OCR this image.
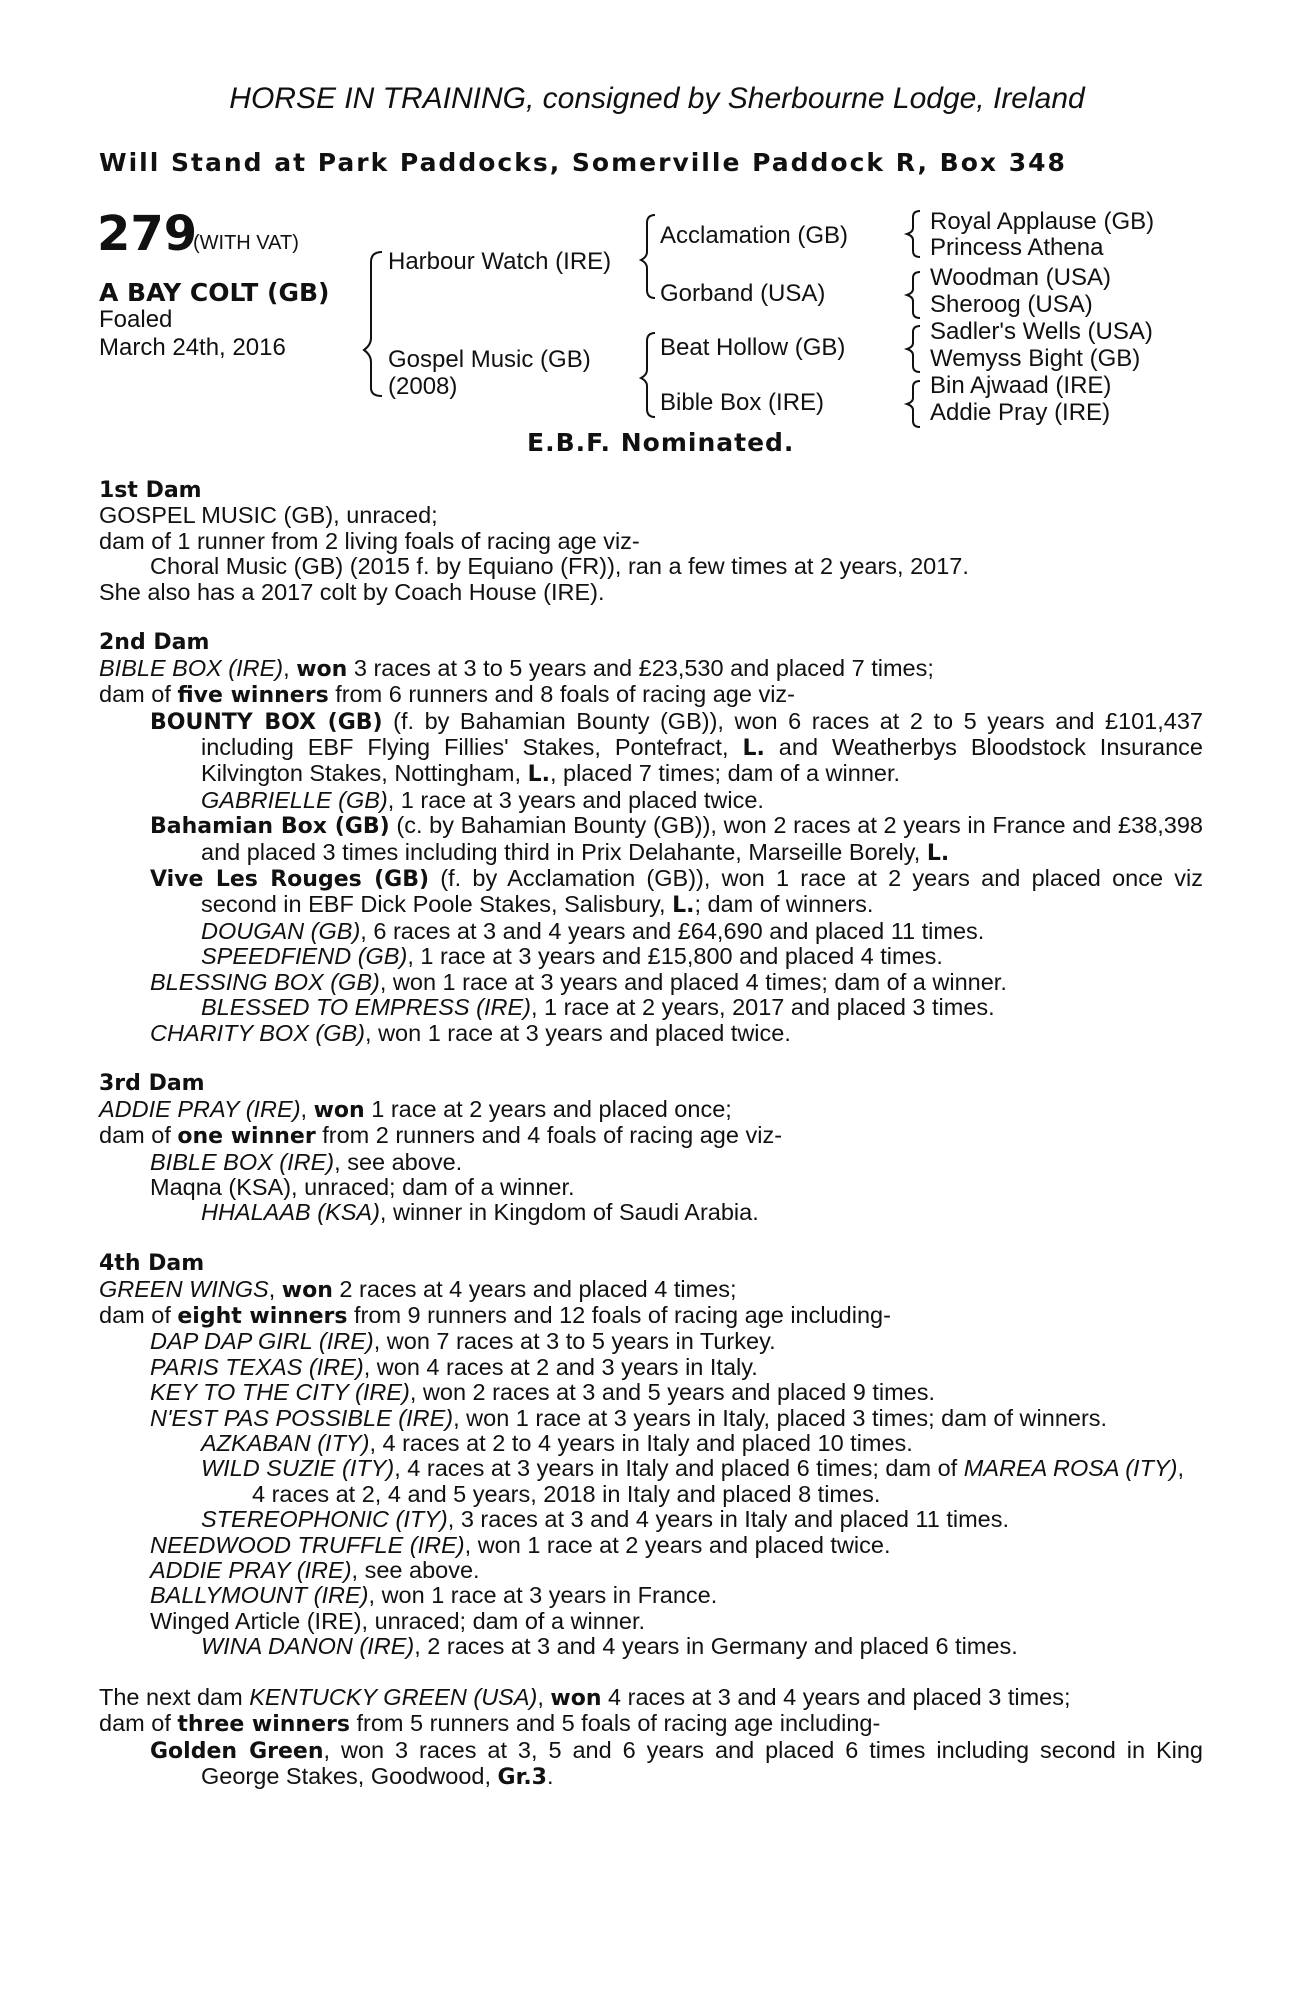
HORSE IN TRAINING, consigned by Sherbourne Lodge, Ireland
Will Stand at Park Paddocks, Somerville Paddock R, Box 348
279
(WITH VAT)
A BAY COLT (GB)
Foaled
March 24th, 2016
Harbour Watch (IRE)
Gospel Music (GB)
(2008)
Acclamation (GB)
Gorband (USA)
Beat Hollow (GB)
Bible Box (IRE)
Royal Applause (GB)
Princess Athena
Woodman (USA)
Sheroog (USA)
Sadler's Wells (USA)
Wemyss Bight (GB)
Bin Ajwaad (IRE)
Addie Pray (IRE)
E.B.F. Nominated.

1st Dam

GOSPEL MUSIC (GB), unraced;

dam of 1 runner from 2 living foals of racing age viz-

Choral Music (GB) (2015 f. by Equiano (FR)), ran a few times at 2 years, 2017.

She also has a 2017 colt by Coach House (IRE).

2nd Dam

BIBLE BOX (IRE), won 3 races at 3 to 5 years and £23,530 and placed 7 times;

dam of five winners from 6 runners and 8 foals of racing age viz-

BOUNTY BOX (GB) (f. by Bahamian Bounty (GB)), won 6 races at 2 to 5 years and £101,437 including EBF Flying Fillies' Stakes, Pontefract, L. and Weatherbys Bloodstock Insurance Kilvington Stakes, Nottingham, L., placed 7 times; dam of a winner.

GABRIELLE (GB), 1 race at 3 years and placed twice.

Bahamian Box (GB) (c. by Bahamian Bounty (GB)), won 2 races at 2 years in France and £38,398 and placed 3 times including third in Prix Delahante, Marseille Borely, L.

Vive Les Rouges (GB) (f. by Acclamation (GB)), won 1 race at 2 years and placed once viz second in EBF Dick Poole Stakes, Salisbury, L.; dam of winners.

DOUGAN (GB), 6 races at 3 and 4 years and £64,690 and placed 11 times.

SPEEDFIEND (GB), 1 race at 3 years and £15,800 and placed 4 times.

BLESSING BOX (GB), won 1 race at 3 years and placed 4 times; dam of a winner.

BLESSED TO EMPRESS (IRE), 1 race at 2 years, 2017 and placed 3 times.

CHARITY BOX (GB), won 1 race at 3 years and placed twice.

3rd Dam

ADDIE PRAY (IRE), won 1 race at 2 years and placed once;

dam of one winner from 2 runners and 4 foals of racing age viz-

BIBLE BOX (IRE), see above.

Maqna (KSA), unraced; dam of a winner.

HHALAAB (KSA), winner in Kingdom of Saudi Arabia.

4th Dam

GREEN WINGS, won 2 races at 4 years and placed 4 times;

dam of eight winners from 9 runners and 12 foals of racing age including-

DAP DAP GIRL (IRE), won 7 races at 3 to 5 years in Turkey.

PARIS TEXAS (IRE), won 4 races at 2 and 3 years in Italy.

KEY TO THE CITY (IRE), won 2 races at 3 and 5 years and placed 9 times.

N'EST PAS POSSIBLE (IRE), won 1 race at 3 years in Italy, placed 3 times; dam of winners.

AZKABAN (ITY), 4 races at 2 to 4 years in Italy and placed 10 times.

WILD SUZIE (ITY), 4 races at 3 years in Italy and placed 6 times; dam of MAREA ROSA (ITY), 4 races at 2, 4 and 5 years, 2018 in Italy and placed 8 times.

STEREOPHONIC (ITY), 3 races at 3 and 4 years in Italy and placed 11 times.

NEEDWOOD TRUFFLE (IRE), won 1 race at 2 years and placed twice.

ADDIE PRAY (IRE), see above.

BALLYMOUNT (IRE), won 1 race at 3 years in France.

Winged Article (IRE), unraced; dam of a winner.

WINA DANON (IRE), 2 races at 3 and 4 years in Germany and placed 6 times.

The next dam KENTUCKY GREEN (USA), won 4 races at 3 and 4 years and placed 3 times;

dam of three winners from 5 runners and 5 foals of racing age including-

Golden Green, won 3 races at 3, 5 and 6 years and placed 6 times including second in King George Stakes, Goodwood, Gr.3.
